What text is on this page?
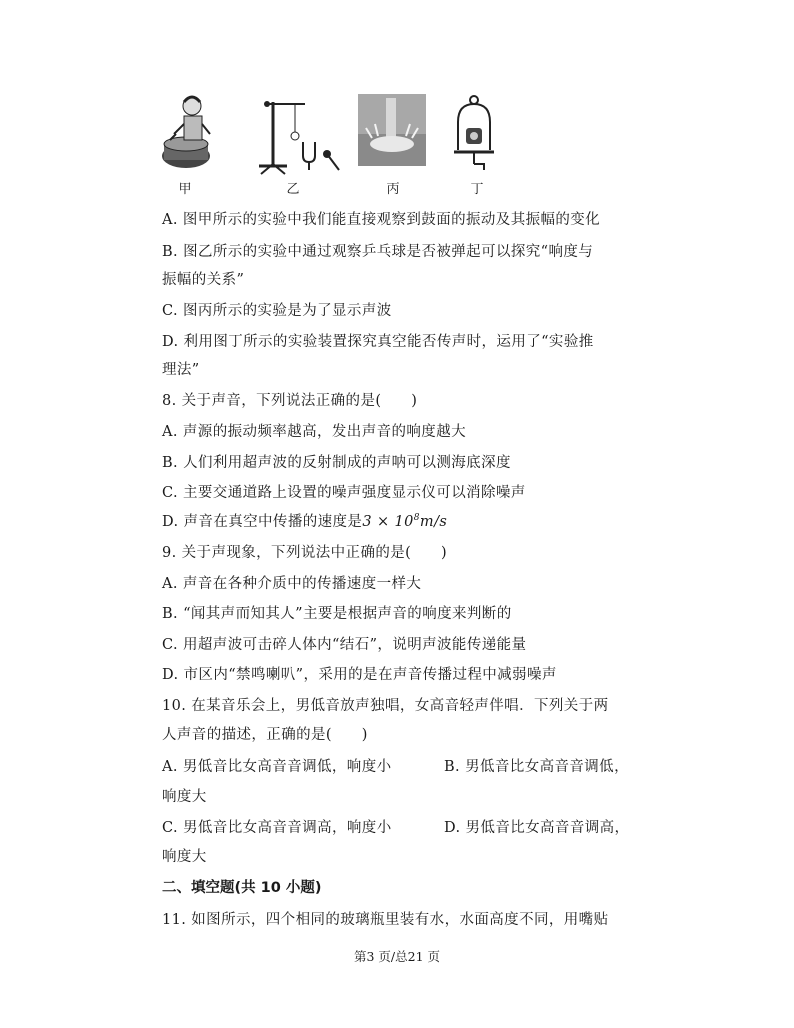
甲	乙	丙	丁
A. 图甲所示的实验中我们能直接观察到鼓面的振动及其振幅的变化
B. 图乙所示的实验中通过观察乒乓球是否被弹起可以探究“响度与
振幅的关系”
C. 图丙所示的实验是为了显示声波
D. 利用图丁所示的实验装置探究真空能否传声时，运用了“实验推
理法”
8. 关于声音，下列说法正确的是(　　)
A. 声源的振动频率越高，发出声音的响度越大
B. 人们利用超声波的反射制成的声呐可以测海底深度
C. 主要交通道路上设置的噪声强度显示仪可以消除噪声
D. 声音在真空中传播的速度是$3 \times 10^8m/s$
9. 关于声现象，下列说法中正确的是(　　)
A. 声音在各种介质中的传播速度一样大
B. “闻其声而知其人”主要是根据声音的响度来判断的
C. 用超声波可击碎人体内“结石”，说明声波能传递能量
D. 市区内“禁鸣喇叭”，采用的是在声音传播过程中减弱噪声
10. 在某音乐会上，男低音放声独唱，女高音轻声伴唱．下列关于两
人声音的描述，正确的是(　　)
A. 男低音比女高音音调低，响度小	B. 男低音比女高音音调低，
响度大
C. 男低音比女高音音调高，响度小	D. 男低音比女高音音调高，
响度大
二、填空题(共 10 小题)
11. 如图所示，四个相同的玻璃瓶里装有水，水面高度不同，用嘴贴
第3 页/总21 页
